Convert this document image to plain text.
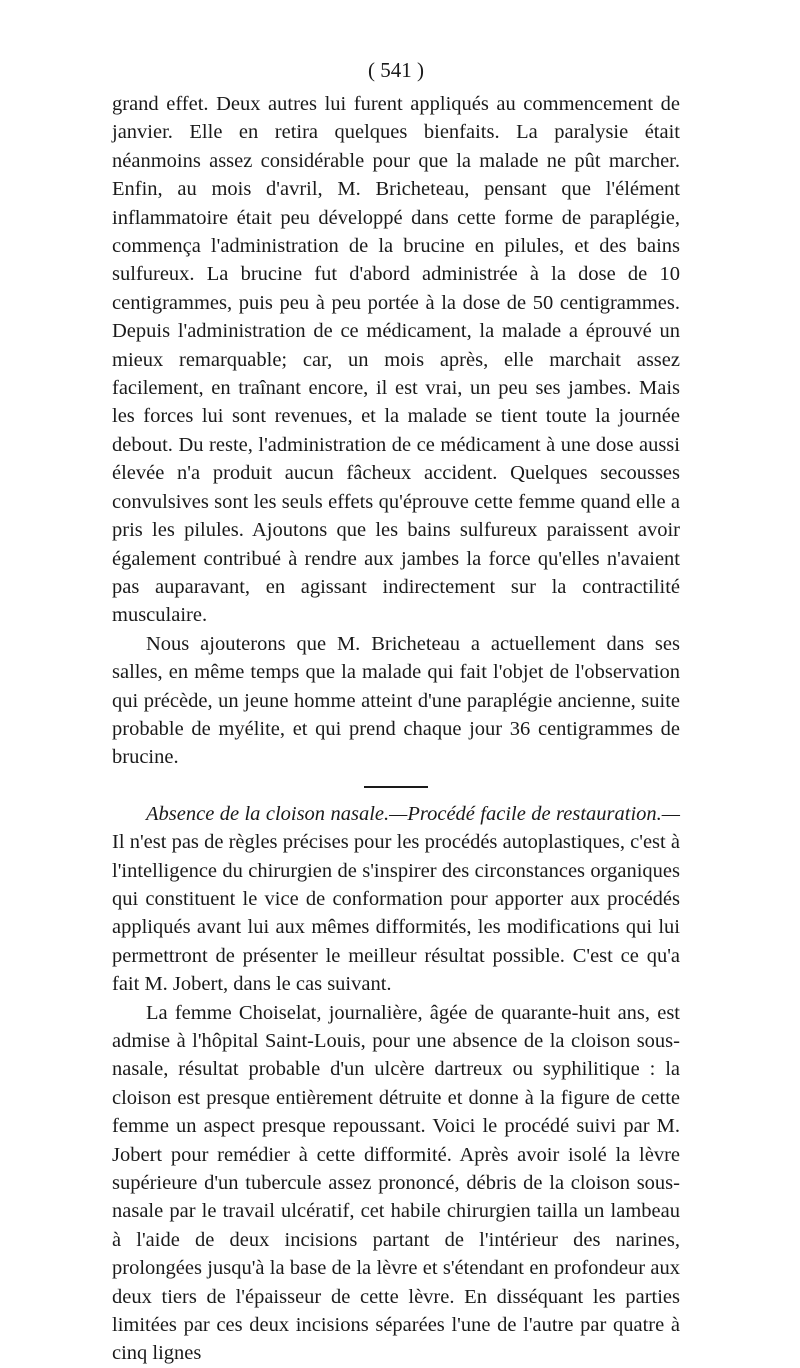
( 541 )

grand effet. Deux autres lui furent appliqués au commencement de janvier. Elle en retira quelques bienfaits. La paralysie était néanmoins assez considérable pour que la malade ne pût marcher. Enfin, au mois d'avril, M. Bricheteau, pensant que l'élément inflammatoire était peu développé dans cette forme de paraplégie, commença l'administration de la brucine en pilules, et des bains sulfureux. La brucine fut d'abord administrée à la dose de 10 centigrammes, puis peu à peu portée à la dose de 50 centigrammes. Depuis l'administration de ce médicament, la malade a éprouvé un mieux remarquable; car, un mois après, elle marchait assez facilement, en traînant encore, il est vrai, un peu ses jambes. Mais les forces lui sont revenues, et la malade se tient toute la journée debout. Du reste, l'administration de ce médicament à une dose aussi élevée n'a produit aucun fâcheux accident. Quelques secousses convulsives sont les seuls effets qu'éprouve cette femme quand elle a pris les pilules. Ajoutons que les bains sulfureux paraissent avoir également contribué à rendre aux jambes la force qu'elles n'avaient pas auparavant, en agissant indirectement sur la contractilité musculaire.

Nous ajouterons que M. Bricheteau a actuellement dans ses salles, en même temps que la malade qui fait l'objet de l'observation qui précède, un jeune homme atteint d'une paraplégie ancienne, suite probable de myélite, et qui prend chaque jour 36 centigrammes de brucine.

Absence de la cloison nasale.—Procédé facile de restauration.— Il n'est pas de règles précises pour les procédés autoplastiques, c'est à l'intelligence du chirurgien de s'inspirer des circonstances organiques qui constituent le vice de conformation pour apporter aux procédés appliqués avant lui aux mêmes difformités, les modifications qui lui permettront de présenter le meilleur résultat possible. C'est ce qu'a fait M. Jobert, dans le cas suivant.

La femme Choiselat, journalière, âgée de quarante-huit ans, est admise à l'hôpital Saint-Louis, pour une absence de la cloison sous-nasale, résultat probable d'un ulcère dartreux ou syphilitique : la cloison est presque entièrement détruite et donne à la figure de cette femme un aspect presque repoussant. Voici le procédé suivi par M. Jobert pour remédier à cette difformité. Après avoir isolé la lèvre supérieure d'un tubercule assez prononcé, débris de la cloison sous-nasale par le travail ulcératif, cet habile chirurgien tailla un lambeau à l'aide de deux incisions partant de l'intérieur des narines, prolongées jusqu'à la base de la lèvre et s'étendant en profondeur aux deux tiers de l'épaisseur de cette lèvre. En disséquant les parties limitées par ces deux incisions séparées l'une de l'autre par quatre à cinq lignes
